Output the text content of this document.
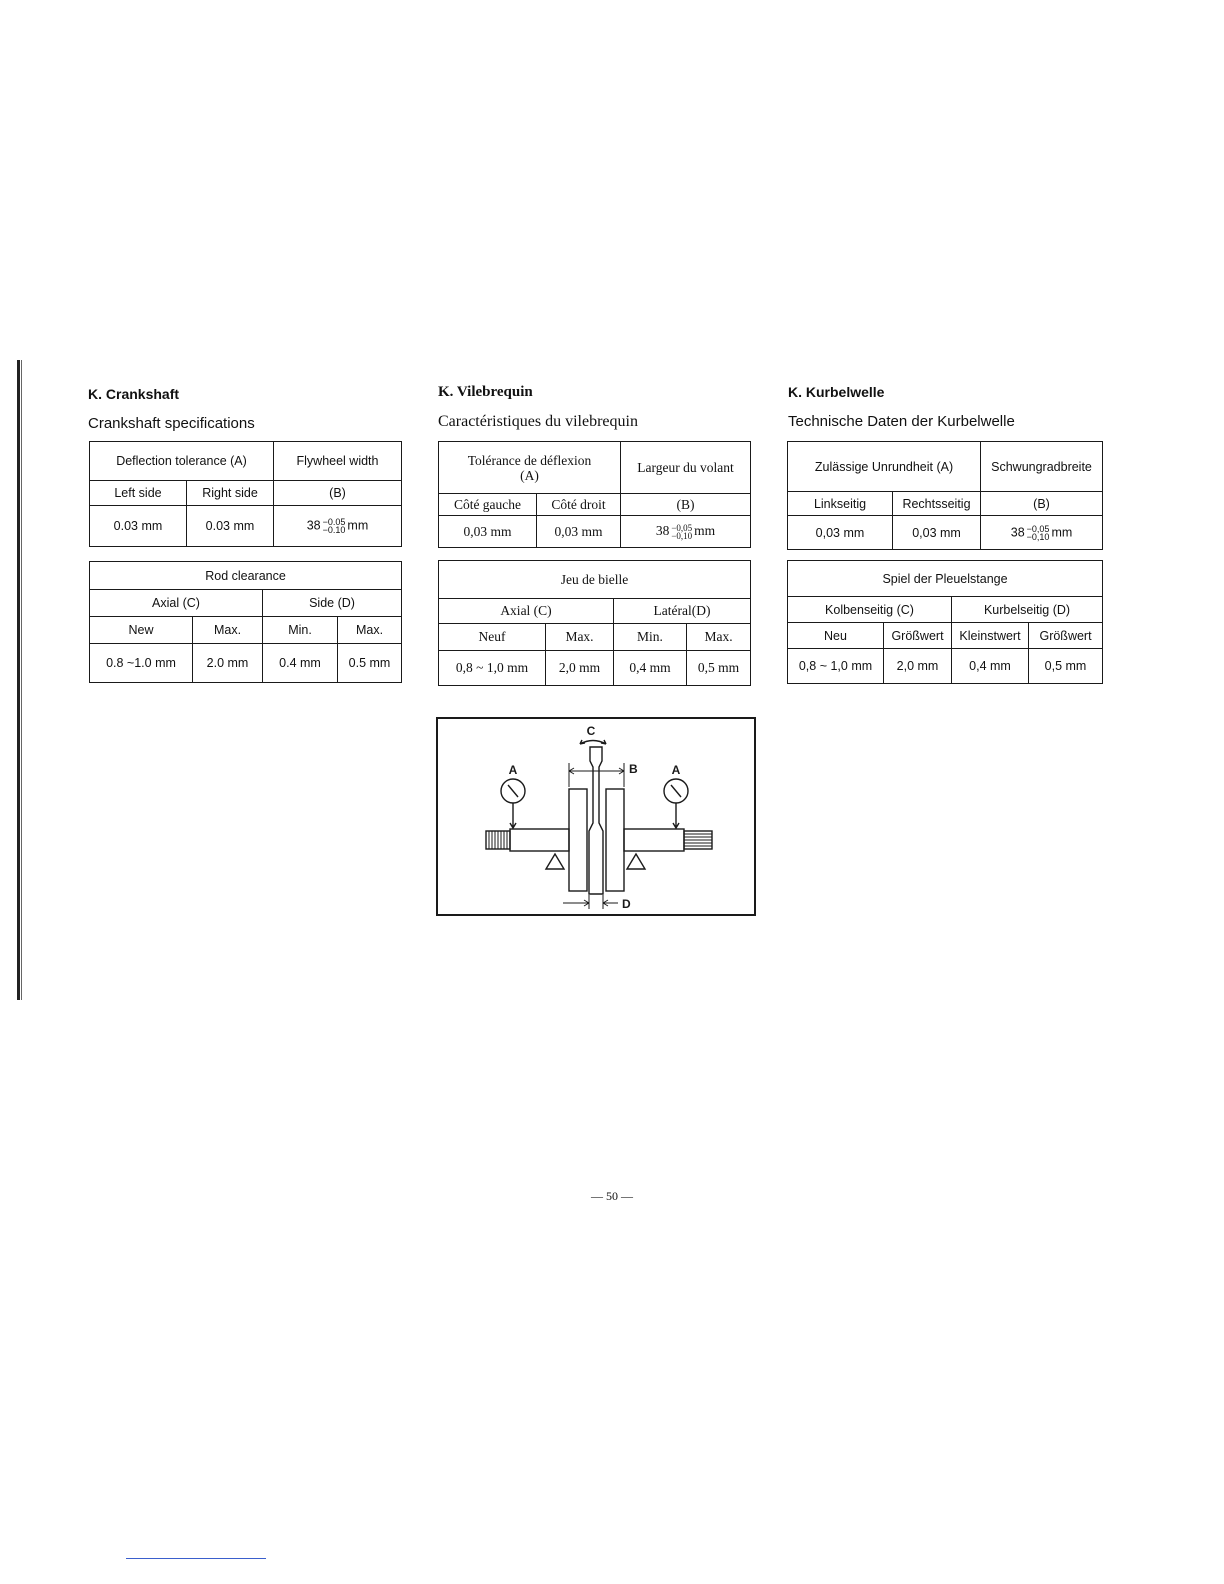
K. Crankshaft
Crankshaft specifications
Deflection tolerance (A)		Flywheel width
Left side	Right side	(B)
0.03 mm	0.03 mm	38 −0.05
−0.10 mm
Rod clearance			
Axial (C)		Side (D)	
New	Max.	Min.	Max.
0.8 ~1.0 mm	2.0 mm	0.4 mm	0.5 mm
K. Vilebrequin
Caractéristiques du vilebrequin
Tolérance de déflexion
(A)		Largeur du volant
Côté gauche	Côté droit	(B)
0,03 mm	0,03 mm	38 −0,05
−0,10 mm
Jeu de bielle			
Axial (C)		Latéral(D)	
Neuf	Max.	Min.	Max.
0,8 ~ 1,0 mm	2,0 mm	0,4 mm	0,5 mm
K. Kurbelwelle
Technische Daten der Kurbelwelle
Zulässige Unrundheit (A)		Schwungradbreite
Linkseitig	Rechtsseitig	(B)
0,03 mm	0,03 mm	38 −0,05
−0,10 mm
Spiel der Pleuelstange			
Kolbenseitig (C)		Kurbelseitig (D)	
Neu	Größwert	Kleinstwert	Größwert
0,8 ~ 1,0 mm	2,0 mm	0,4 mm	0,5 mm
C
A	A
B
D
— 50 —
